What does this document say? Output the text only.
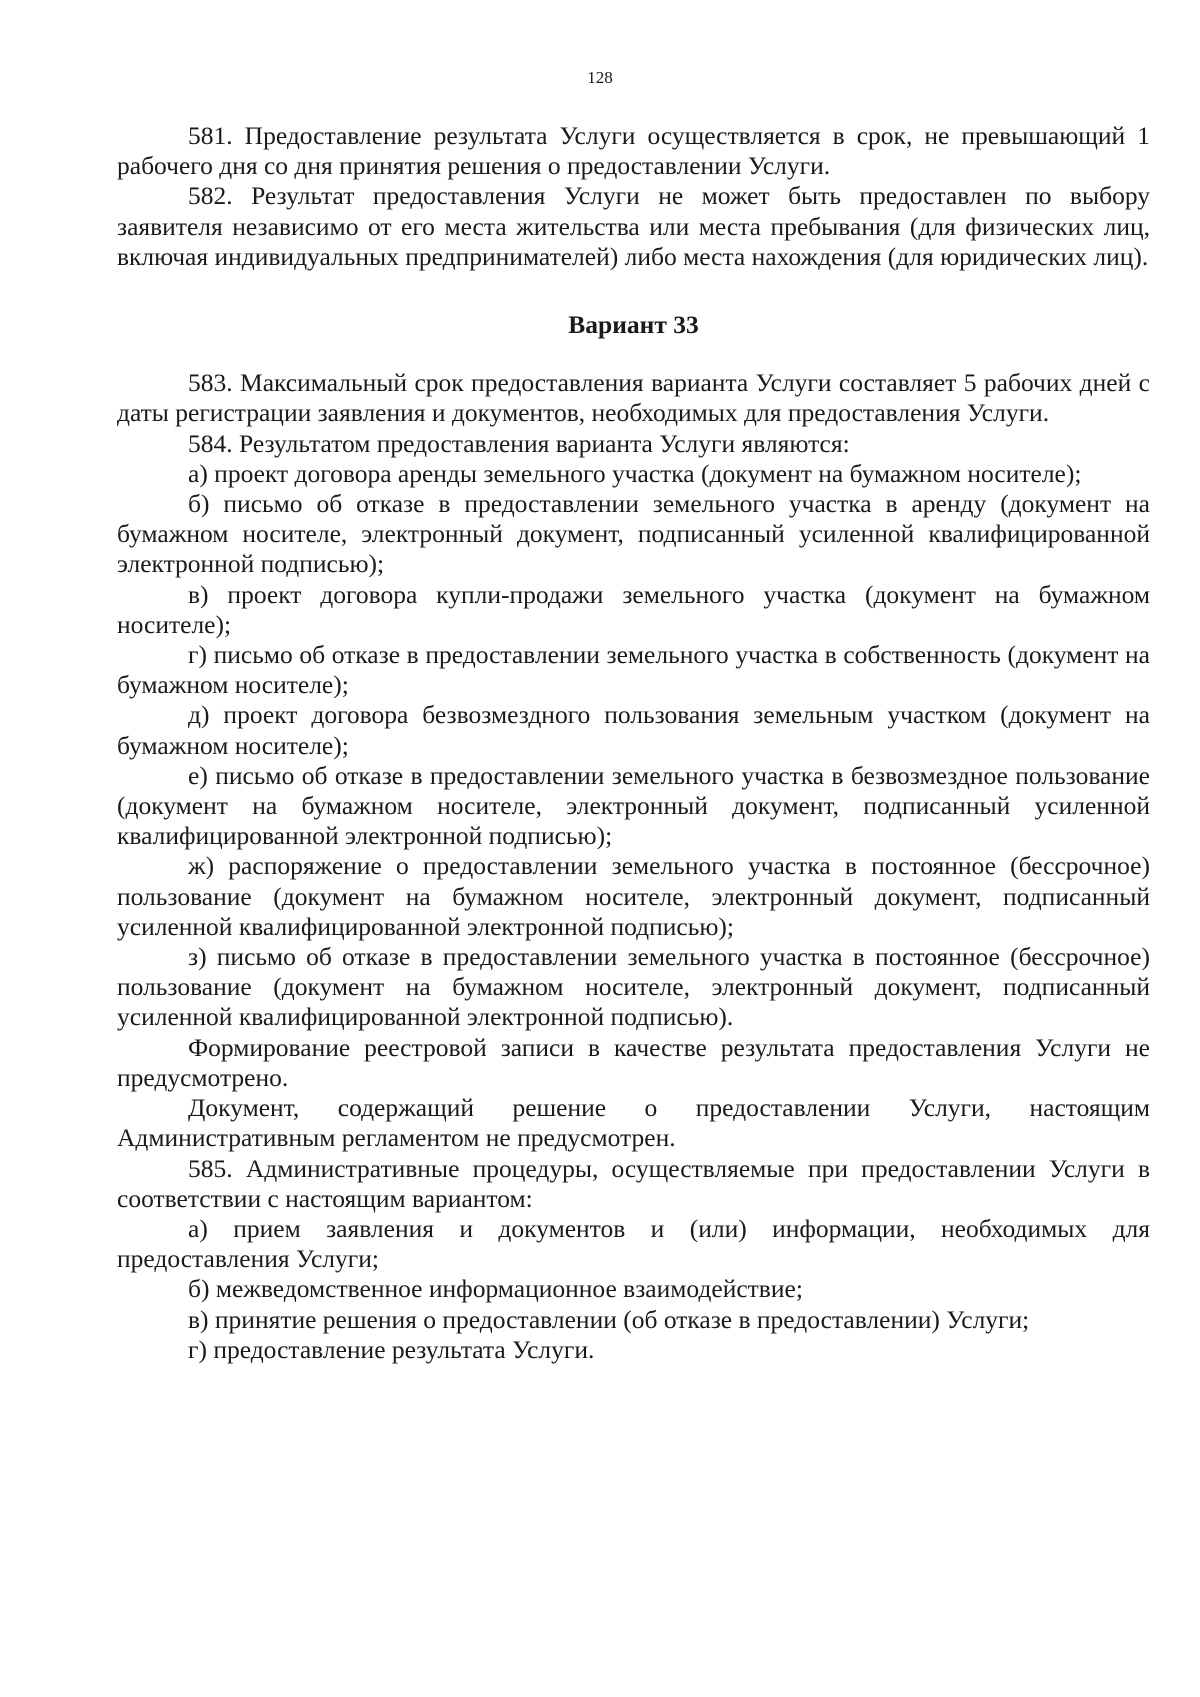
128

581. Предоставление результата Услуги осуществляется в срок, не превышающий 1 рабочего дня со дня принятия решения о предоставлении Услуги.

582. Результат предоставления Услуги не может быть предоставлен по выбору заявителя независимо от его места жительства или места пребывания (для физических лиц, включая индивидуальных предпринимателей) либо места нахождения (для юридических лиц).

Вариант 33

583. Максимальный срок предоставления варианта Услуги составляет 5 рабочих дней с даты регистрации заявления и документов, необходимых для предоставления Услуги.

584. Результатом предоставления варианта Услуги являются:

а) проект договора аренды земельного участка (документ на бумажном носителе);

б) письмо об отказе в предоставлении земельного участка в аренду (документ на бумажном носителе, электронный документ, подписанный усиленной квалифицированной электронной подписью);

в) проект договора купли-продажи земельного участка (документ на бумажном носителе);

г) письмо об отказе в предоставлении земельного участка в собственность (документ на бумажном носителе);

д) проект договора безвозмездного пользования земельным участком (документ на бумажном носителе);

е) письмо об отказе в предоставлении земельного участка в безвозмездное пользование (документ на бумажном носителе, электронный документ, подписанный усиленной квалифицированной электронной подписью);

ж) распоряжение о предоставлении земельного участка в постоянное (бессрочное) пользование (документ на бумажном носителе, электронный документ, подписанный усиленной квалифицированной электронной подписью);

з) письмо об отказе в предоставлении земельного участка в постоянное (бессрочное) пользование (документ на бумажном носителе, электронный документ, подписанный усиленной квалифицированной электронной подписью).

Формирование реестровой записи в качестве результата предоставления Услуги не предусмотрено.

Документ, содержащий решение о предоставлении Услуги, настоящим Административным регламентом не предусмотрен.

585. Административные процедуры, осуществляемые при предоставлении Услуги в соответствии с настоящим вариантом:

а) прием заявления и документов и (или) информации, необходимых для предоставления Услуги;

б) межведомственное информационное взаимодействие;

в) принятие решения о предоставлении (об отказе в предоставлении) Услуги;

г) предоставление результата Услуги.
